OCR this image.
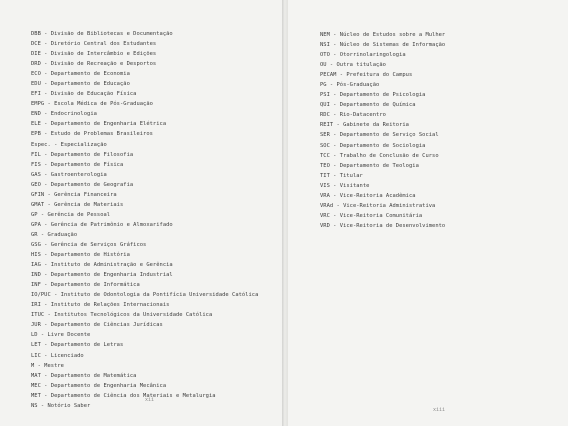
DBB - Divisão de Bibliotecas e Documentação
DCE - Diretório Central dos Estudantes
DIE - Divisão de Intercâmbio e Edições
DRD - Divisão de Recreação e Desportos
ECO - Departamento de Economia
EDU - Departamento de Educação
EFI - Divisão de Educação Física
EMPG - Escola Médica de Pós-Graduação
END - Endocrinologia
ELE - Departamento de Engenharia Elétrica
EPB - Estudo de Problemas Brasileiros
Espec. - Especialização
FIL - Departamento de Filosofia
FIS - Departamento de Física
GAS - Gastroenterologia
GEO - Departamento de Geografia
GFIN - Gerência Financeira
GMAT - Gerência de Materiais
GP - Gerência de Pessoal
GPA - Gerência de Patrimônio e Almoxarifado
GR - Graduação
GSG - Gerência de Serviços Gráficos
HIS - Departamento de História
IAG - Instituto de Administração e Gerência
IND - Departamento de Engenharia Industrial
INF - Departamento de Informática
IO/PUC - Instituto de Odontologia da Pontifícia Universidade Católica
IRI - Instituto de Relações Internacionais
ITUC - Institutos Tecnológicos da Universidade Católica
JUR - Departamento de Ciências Jurídicas
LD - Livre Docente
LET - Departamento de Letras
LIC - Licenciado
M - Mestre
MAT - Departamento de Matemática
MEC - Departamento de Engenharia Mecânica
MET - Departamento de Ciência dos Materiais e Metalurgia
NS - Notório Saber
xii
NEM - Núcleo de Estudos sobre a Mulher
NSI - Núcleo de Sistemas de Informação
OTO - Otorrinolaringologia
OU - Outra titulação
PECAM - Prefeitura do Campus
PG - Pós-Graduação
PSI - Departamento de Psicologia
QUI - Departamento de Química
RDC - Rio-Datacentro
REIT - Gabinete da Reitoria
SER - Departamento de Serviço Social
SOC - Departamento de Sociologia
TCC - Trabalho de Conclusão de Curso
TEO - Departamento de Teologia
TIT - Titular
VIS - Visitante
VRA - Vice-Reitoria Acadêmica
VRAd - Vice-Reitoria Administrativa
VRC - Vice-Reitoria Comunitária
VRD - Vice-Reitoria de Desenvolvimento
xiii
